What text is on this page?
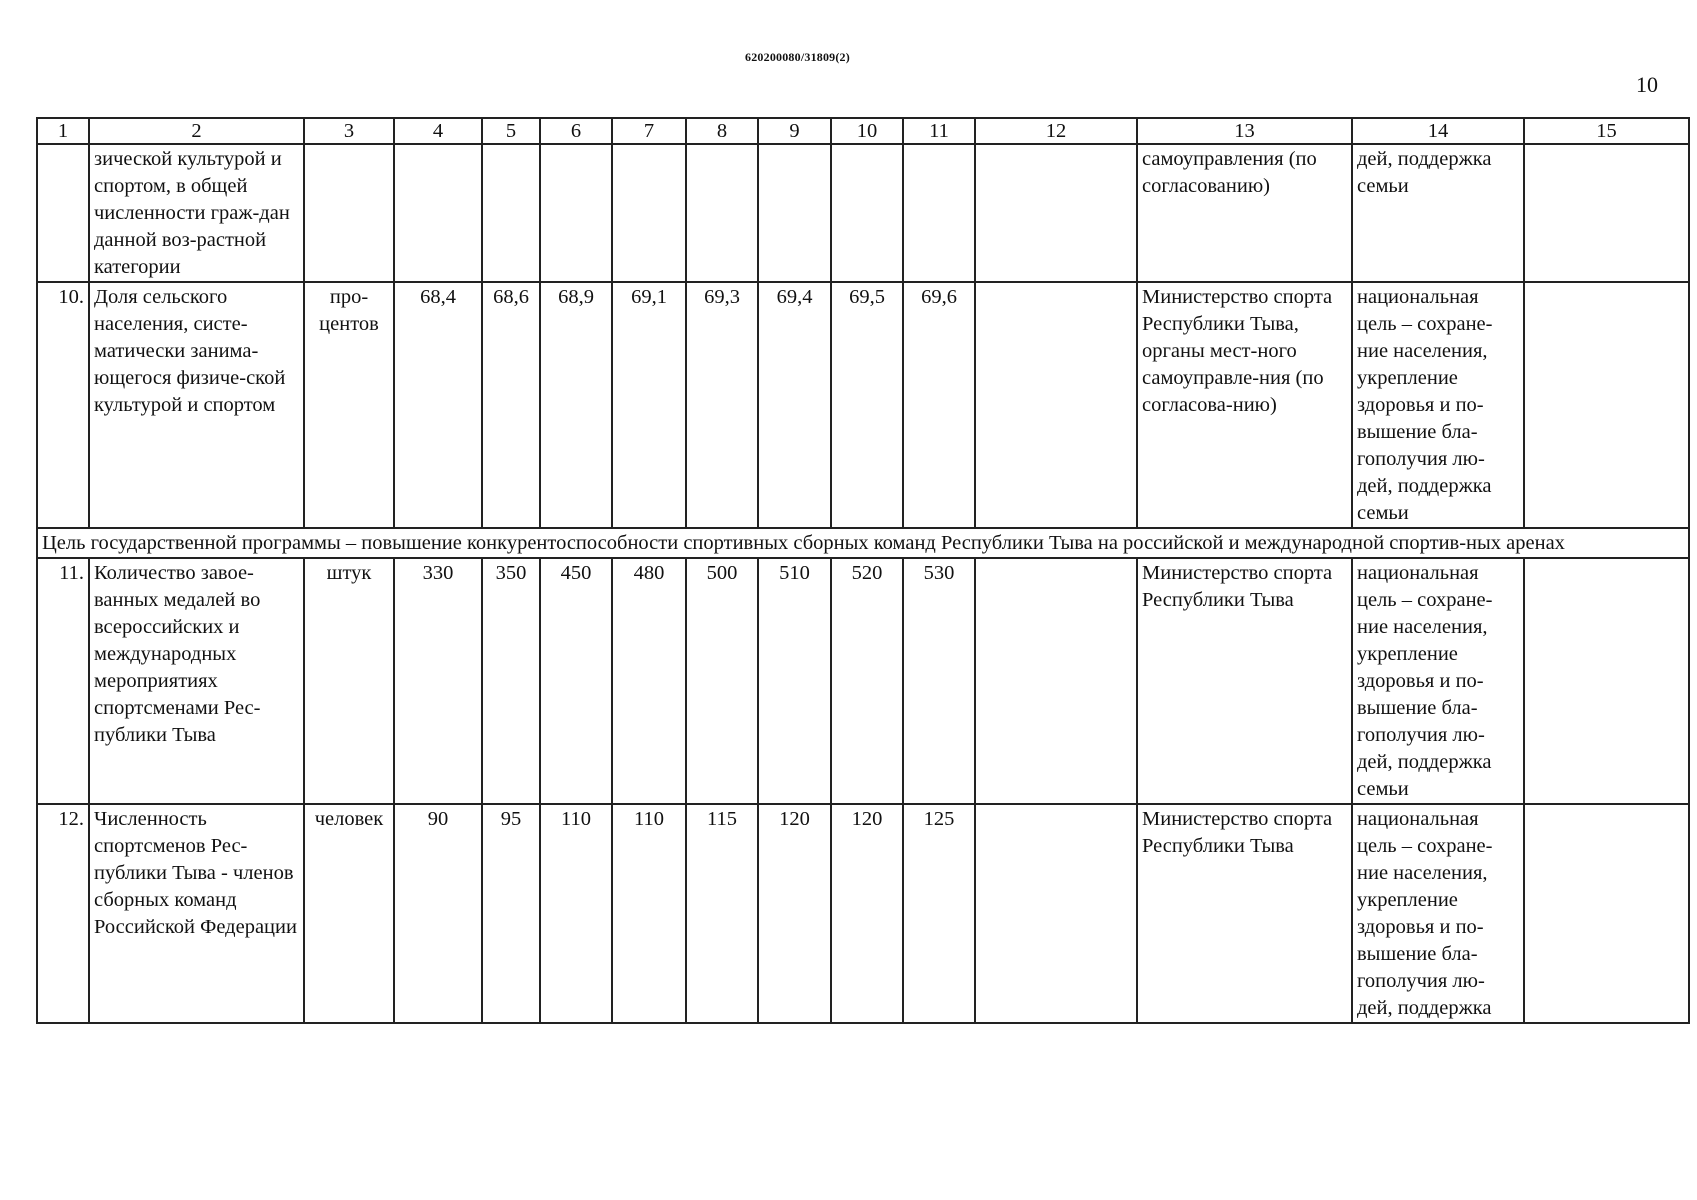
620200080/31809(2)
10
1	2	3	4	5	6	7	8	9	10	11	12	13	14	15
	зической культурой и спортом, в общей численности граж-дан данной воз-растной категории											самоуправления (по согласованию)	дей, поддержка семьи	
10.	Доля сельского населения, систе-матически занима-ющегося физиче-ской культурой и спортом	про-центов	68,4	68,6	68,9	69,1	69,3	69,4	69,5	69,6		Министерство спорта Республики Тыва, органы мест-ного самоуправле-ния (по согласова-нию)	национальная цель – сохране-ние населения, укрепление здоровья и по-вышение бла-гополучия лю-дей, поддержка семьи	
Цель государственной программы – повышение конкурентоспособности спортивных сборных команд Республики Тыва на российской и международной спортив-ных аренах														
11.	Количество завое-ванных медалей во всероссийских и международных мероприятиях спортсменами Рес-публики Тыва	штук	330	350	450	480	500	510	520	530		Министерство спорта Республики Тыва	национальная цель – сохране-ние населения, укрепление здоровья и по-вышение бла-гополучия лю-дей, поддержка семьи	
12.	Численность спортсменов Рес-публики Тыва - членов сборных команд Российской Федерации	человек	90	95	110	110	115	120	120	125		Министерство спорта Республики Тыва	национальная цель – сохране-ние населения, укрепление здоровья и по-вышение бла-гополучия лю-дей, поддержка	
